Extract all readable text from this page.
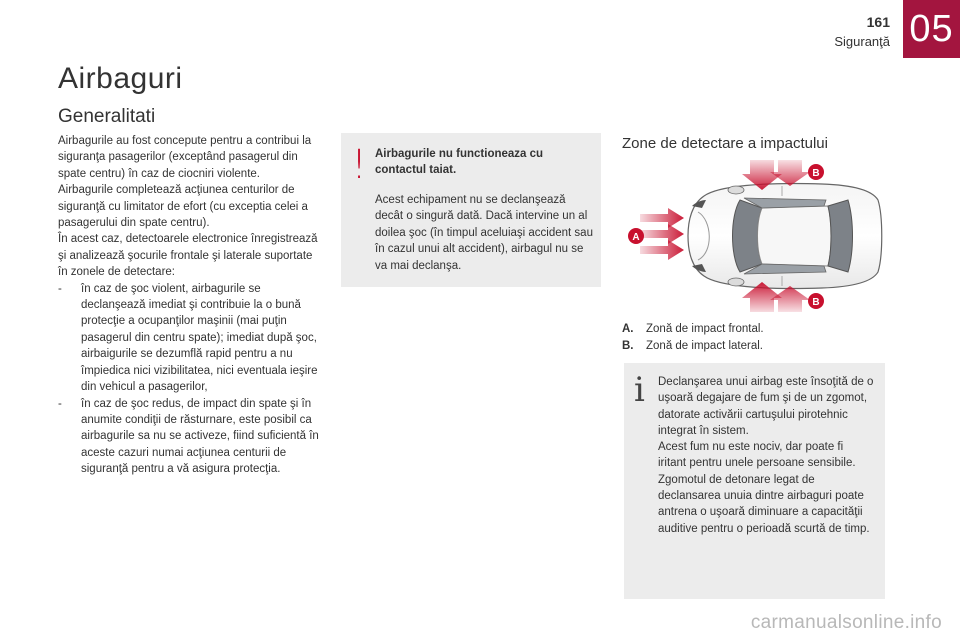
161
Siguranţă 05
Airbaguri
Generalitati

Airbagurile au fost concepute pentru a contribui la siguranţa pasagerilor (exceptând pasagerul din spate centru) în caz de ciocniri violente.

Airbagurile completează acţiunea centurilor de siguranţă cu limitator de efort (cu exceptia celei a pasagerului din spate centru).

În acest caz, detectoarele electronice înregistrează şi analizează şocurile frontale şi laterale suportate în zonele de detectare:

- în caz de şoc violent, airbagurile se declanşează imediat şi contribuie la o bună protecţie a ocupanţilor maşinii (mai puţin pasagerul din centru spate); imediat după şoc, airbaigurile se dezumflă rapid pentru a nu împiedica nici vizibilitatea, nici eventuala ieşire din vehicul a pasagerilor,
- în caz de şoc redus, de impact din spate şi în anumite condiţii de răsturnare, este posibil ca airbagurile sa nu se activeze, fiind suficientă în aceste cazuri numai acţiunea centurii de siguranţă pentru a vă asigura protecţia.
! Airbagurile nu functioneaza cu contactul taiat.
Acest echipament nu se declanşează decât o singură dată. Dacă intervine un al doilea şoc (în timpul aceluiaşi accident sau în cazul unui alt accident), airbagul nu se va mai declanşa.
Zone de detectare a impactului
A
B
B
A. Zonă de impact frontal.
B. Zonă de impact lateral.
i Declanşarea unui airbag este însoţită de o uşoară degajare de fum şi de un zgomot, datorate activării cartuşului pirotehnic integrat în sistem.

Acest fum nu este nociv, dar poate fi iritant pentru unele persoane sensibile.

Zgomotul de detonare legat de declansarea unuia dintre airbaguri poate antrena o uşoară diminuare a capacităţii auditive pentru o perioadă scurtă de timp.

carmanualsonline.info
